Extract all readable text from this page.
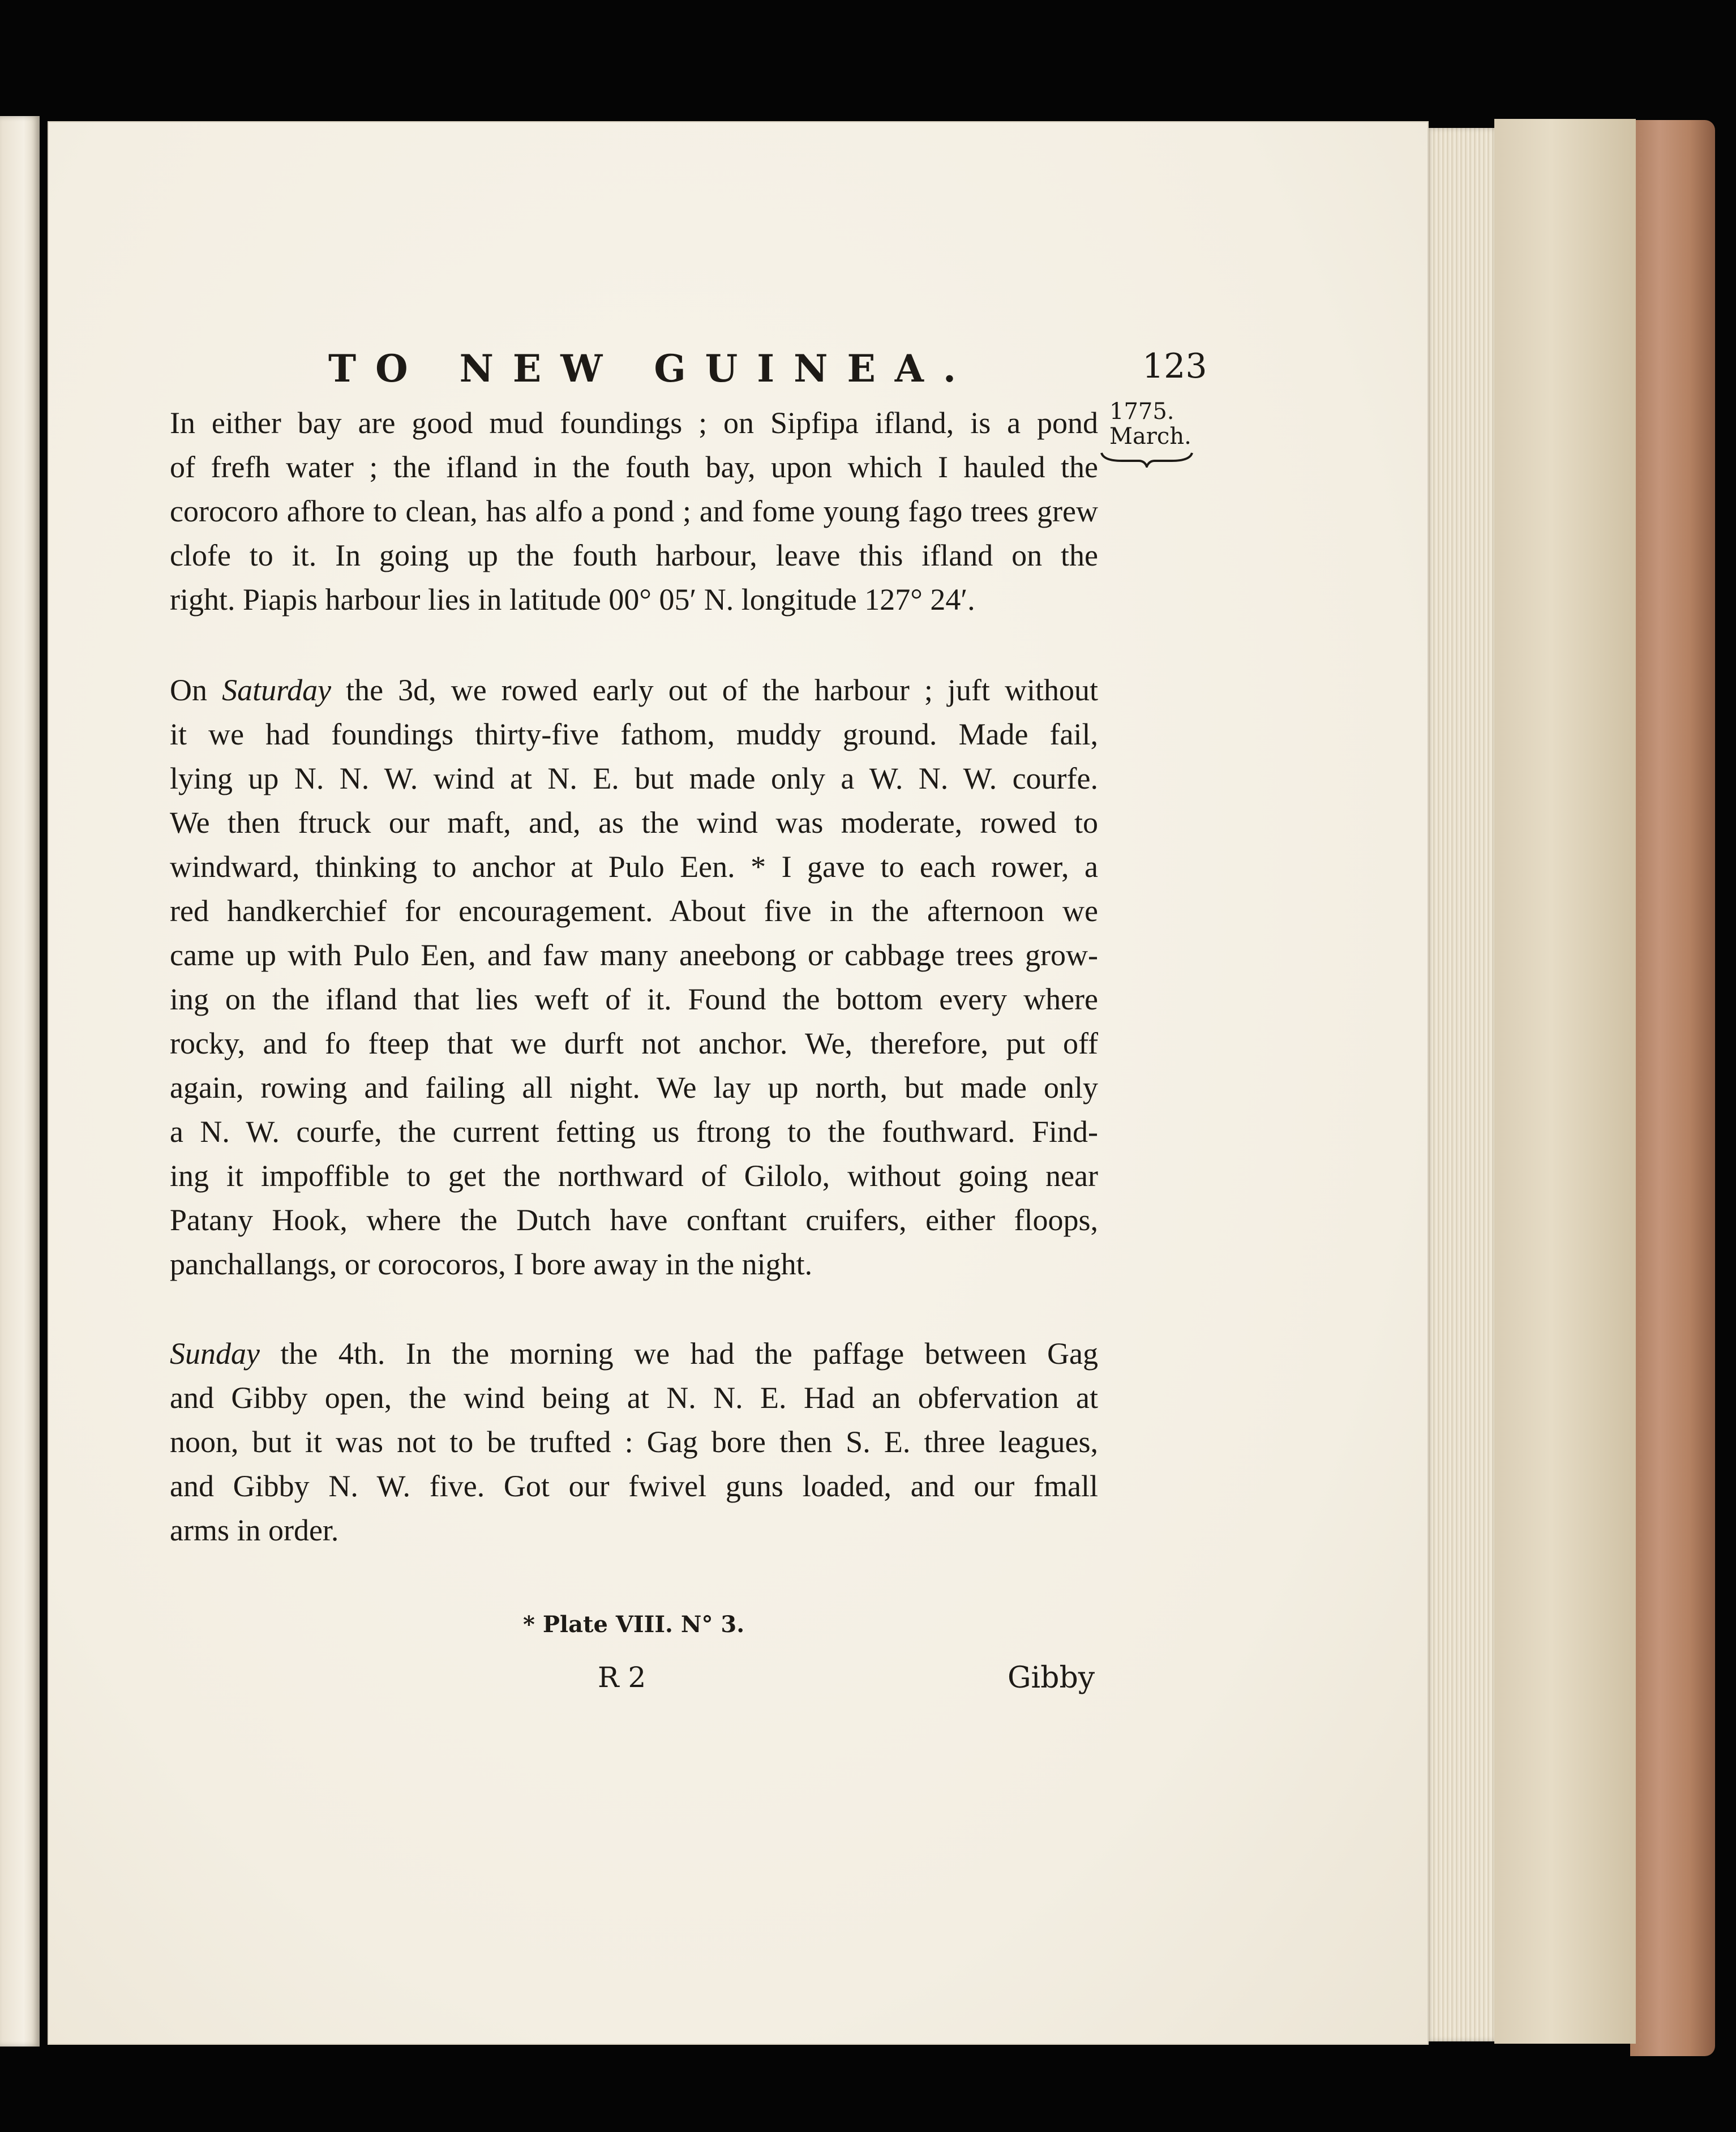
TO NEW GUINEA.	123
1775.
March.
In either bay are good mud foundings ; on Sipfipa ifland, is a pond
of frefh water ; the ifland in the fouth bay, upon which I hauled the
corocoro afhore to clean, has alfo a pond ; and fome young fago trees grew
clofe to it. In going up the fouth harbour, leave this ifland on the
right. Piapis harbour lies in latitude 00° 05′ N. longitude 127° 24′.
On Saturday the 3d, we rowed early out of the harbour ; juft without
it we had foundings thirty-five fathom, muddy ground. Made fail,
lying up N. N. W. wind at N. E. but made only a W. N. W. courfe.
We then ftruck our maft, and, as the wind was moderate, rowed to
windward, thinking to anchor at Pulo Een. * I gave to each rower, a
red handkerchief for encouragement. About five in the afternoon we
came up with Pulo Een, and faw many aneebong or cabbage trees grow-
ing on the ifland that lies weft of it. Found the bottom every where
rocky, and fo fteep that we durft not anchor. We, therefore, put off
again, rowing and failing all night. We lay up north, but made only
a N. W. courfe, the current fetting us ftrong to the fouthward. Find-
ing it impoffible to get the northward of Gilolo, without going near
Patany Hook, where the Dutch have conftant cruifers, either floops,
panchallangs, or corocoros, I bore away in the night.
Sunday the 4th. In the morning we had the paffage between Gag
and Gibby open, the wind being at N. N. E. Had an obfervation at
noon, but it was not to be trufted : Gag bore then S. E. three leagues,
and Gibby N. W. five. Got our fwivel guns loaded, and our fmall
arms in order.
* Plate VIII. N° 3.
R 2	Gibby
